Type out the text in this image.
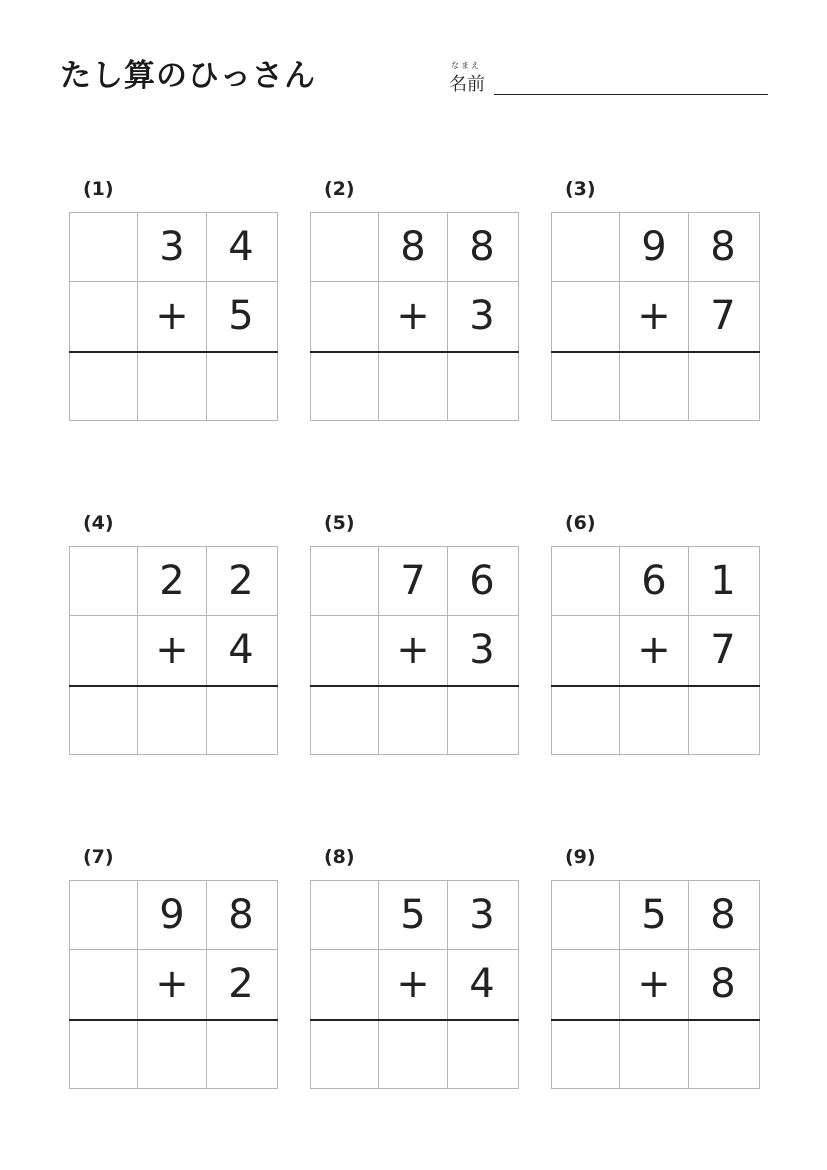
たし算のひっさん	なまえ
名前
(1)
3	4
+ 5
(2)
8	8
+ 3
(3)
9	8
+ 7
(4)
2	2
+ 4
(5)
7	6
+ 3
(6)
6	1
+ 7
(7)
9	8
+ 2
(8)
5	3
+ 4
(9)
5	8
+ 8
